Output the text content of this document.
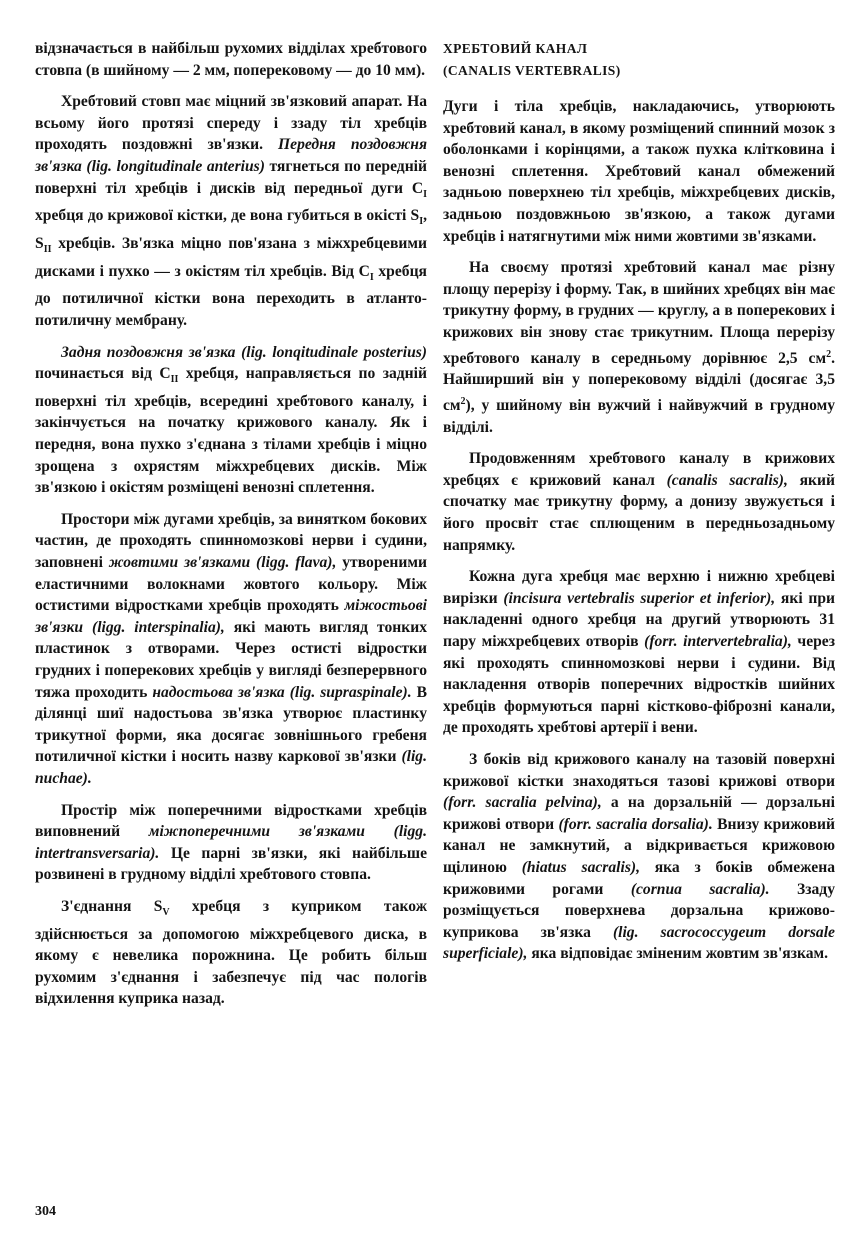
відзначається в найбільш рухомих відділах хребтового стовпа (в шийному — 2 мм, поперековому — до 10 мм).

Хребтовий стовп має міцний зв'язковий апарат. На всьому його протязі спереду і ззаду тіл хребців проходять поздовжні зв'язки. Передня поздовжня зв'язка (lig. longitudinale anterius) тягнеться по передній поверхні тіл хребців і дисків від передньої дуги $C_I$ хребця до крижової кістки, де вона губиться в окісті $S_I$, $S_{II}$ хребців. Зв'язка міцно пов'язана з міжхребцевими дисками і пухко — з окістям тіл хребців. Від $C_I$ хребця до потиличної кістки вона переходить в атланто-потиличну мембрану.

Задня поздовжня зв'язка (lig. lonqitudinale posterius) починається від $C_{II}$ хребця, направляється по задній поверхні тіл хребців, всередині хребтового каналу, і закінчується на початку крижового каналу. Як і передня, вона пухко з'єднана з тілами хребців і міцно зрощена з охрястям міжхребцевих дисків. Між зв'язкою і окістям розміщені венозні сплетення.

Простори між дугами хребців, за винятком бокових частин, де проходять спинномозкові нерви і судини, заповнені жовтими зв'язками (ligg. flava), утвореними еластичними волокнами жовтого кольору. Між остистими відростками хребців проходять міжостьові зв'язки (ligg. interspinalia), які мають вигляд тонких пластинок з отворами. Через остисті відростки грудних і поперекових хребців у вигляді безперервного тяжа проходить надостьова зв'язка (lig. supraspinale). В ділянці шиї надостьова зв'язка утворює пластинку трикутної форми, яка досягає зовнішнього гребеня потиличної кістки і носить назву каркової зв'язки (lig. nuchae).

Простір між поперечними відростками хребців виповнений міжпоперечними зв'язками (ligg. intertransversaria). Це парні зв'язки, які найбільше розвинені в грудному відділі хребтового стовпа.

З'єднання $S_V$ хребця з куприком також здійснюється за допомогою міжхребцевого диска, в якому є невелика порожнина. Це робить більш рухомим з'єднання і забезпечує під час пологів відхилення куприка назад.

ХРЕБТОВИЙ КАНАЛ
(CANALIS VERTEBRALIS)

Дуги і тіла хребців, накладаючись, утворюють хребтовий канал, в якому розміщений спинний мозок з оболонками і корінцями, а також пухка клітковина і венозні сплетення. Хребтовий канал обмежений задньою поверхнею тіл хребців, міжхребцевих дисків, задньою поздовжньою зв'язкою, а також дугами хребців і натягнутими між ними жовтими зв'язками.

На своєму протязі хребтовий канал має різну площу перерізу і форму. Так, в шийних хребцях він має трикутну форму, в грудних — круглу, а в поперекових і крижових він знову стає трикутним. Площа перерізу хребтового каналу в середньому дорівнює 2,5 $см^2$. Найширший він у поперековому відділі (досягає 3,5 $см^2$), у шийному він вужчий і найвужчий в грудному відділі.

Продовженням хребтового каналу в крижових хребцях є крижовий канал (canalis sacralis), який спочатку має трикутну форму, а донизу звужується і його просвіт стає сплющеним в передньозадньому напрямку.

Кожна дуга хребця має верхню і нижню хребцеві вирізки (incisura vertebralis superior et inferior), які при накладенні одного хребця на другий утворюють 31 пару міжхребцевих отворів (forr. intervertebralia), через які проходять спинномозкові нерви і судини. Від накладення отворів поперечних відростків шийних хребців формуються парні кістково-фіброзні канали, де проходять хребтові артерії і вени.

З боків від крижового каналу на тазовій поверхні крижової кістки знаходяться тазові крижові отвори (forr. sacralia pelvina), а на дорзальній — дорзальні крижові отвори (forr. sacralia dorsalia). Внизу крижовий канал не замкнутий, а відкривається крижовою щілиною (hiatus sacralis), яка з боків обмежена крижовими рогами (cornua sacralia). Ззаду розміщується поверхнева дорзальна крижово-куприкова зв'язка (lig. sacrococcygeum dorsale superficiale), яка відповідає зміненим жовтим зв'язкам.

304
